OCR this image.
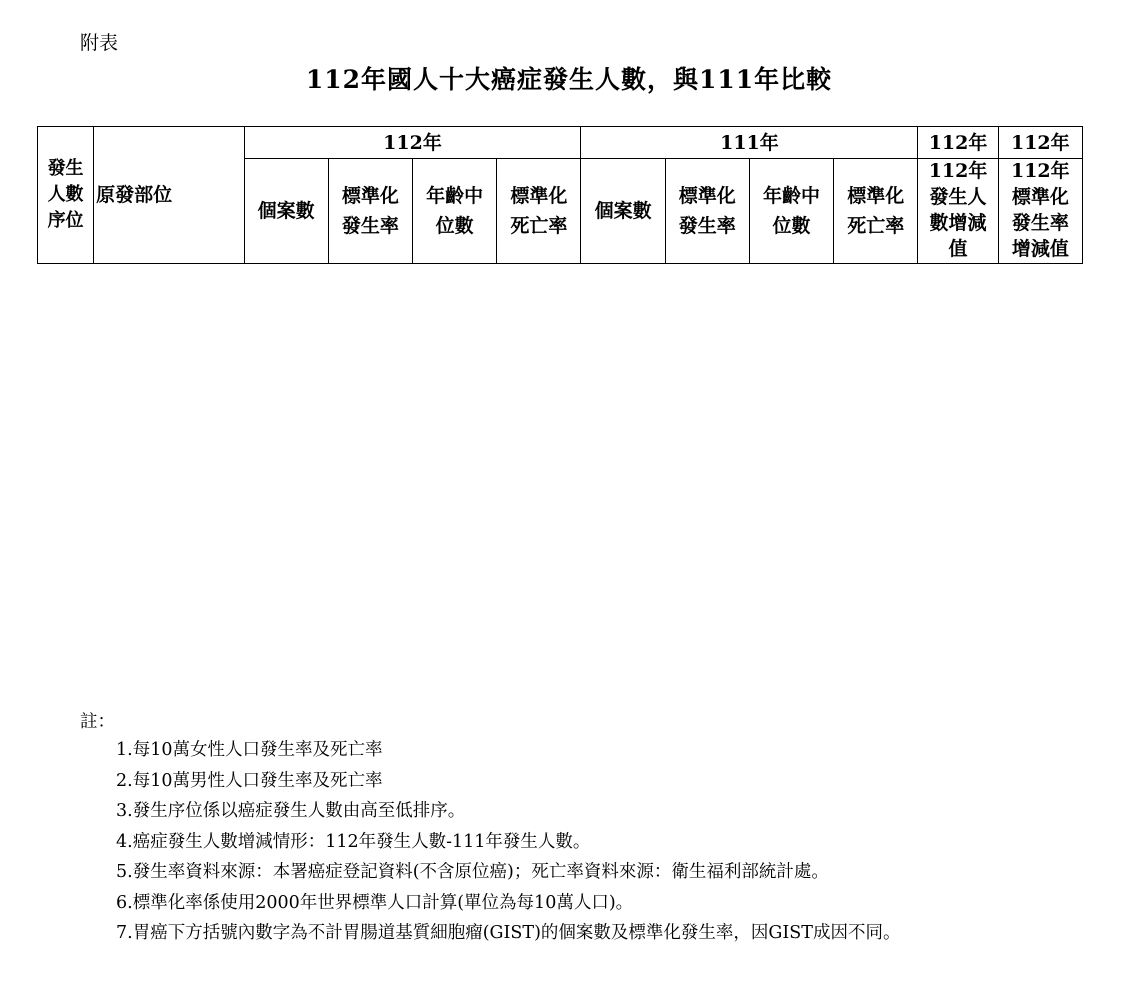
附表
112年國人十大癌症發生人數，與111年比較
發生人數序位	原發部位	112年				111年				112年	112年
		個案數	標準化發生率	年齡中位數	標準化死亡率	個案數	標準化發生率	年齡中位數	標準化死亡率	112年發生人數增減值	112年標準化發生率增減值
註：
1.每10萬女性人口發生率及死亡率
2.每10萬男性人口發生率及死亡率
3.發生序位係以癌症發生人數由高至低排序。
4.癌症發生人數增減情形：112年發生人數-111年發生人數。
5.發生率資料來源：本署癌症登記資料(不含原位癌)；死亡率資料來源：衛生福利部統計處。
6.標準化率係使用2000年世界標準人口計算(單位為每10萬人口)。
7.胃癌下方括號內數字為不計胃腸道基質細胞瘤(GIST)的個案數及標準化發生率，因GIST成因不同。
